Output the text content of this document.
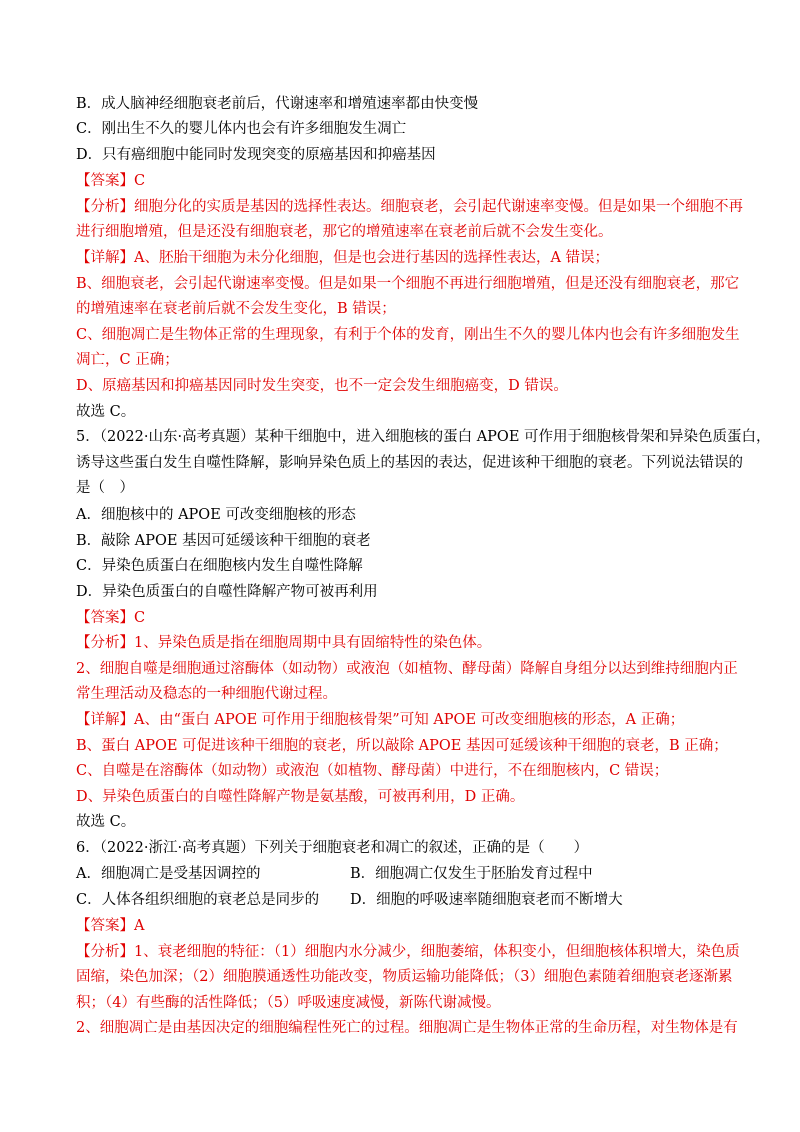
B．成人脑神经细胞衰老前后，代谢速率和增殖速率都由快变慢
C．刚出生不久的婴儿体内也会有许多细胞发生凋亡
D．只有癌细胞中能同时发现突变的原癌基因和抑癌基因
【答案】C
【分析】细胞分化的实质是基因的选择性表达。细胞衰老，会引起代谢速率变慢。但是如果一个细胞不再
进行细胞增殖，但是还没有细胞衰老，那它的增殖速率在衰老前后就不会发生变化。
【详解】A、胚胎干细胞为未分化细胞，但是也会进行基因的选择性表达，A 错误；
B、细胞衰老，会引起代谢速率变慢。但是如果一个细胞不再进行细胞增殖，但是还没有细胞衰老，那它
的增殖速率在衰老前后就不会发生变化，B 错误；
C、细胞凋亡是生物体正常的生理现象，有利于个体的发育，刚出生不久的婴儿体内也会有许多细胞发生
凋亡，C 正确；
D、原癌基因和抑癌基因同时发生突变，也不一定会发生细胞癌变，D 错误。
故选 C。
5．（2022·山东·高考真题）某种干细胞中，进入细胞核的蛋白 APOE 可作用于细胞核骨架和异染色质蛋白，
诱导这些蛋白发生自噬性降解，影响异染色质上的基因的表达，促进该种干细胞的衰老。下列说法错误的
是（　）
A．细胞核中的 APOE 可改变细胞核的形态
B．敲除 APOE 基因可延缓该种干细胞的衰老
C．异染色质蛋白在细胞核内发生自噬性降解
D．异染色质蛋白的自噬性降解产物可被再利用
【答案】C
【分析】1、异染色质是指在细胞周期中具有固缩特性的染色体。
2、细胞自噬是细胞通过溶酶体（如动物）或液泡（如植物、酵母菌）降解自身组分以达到维持细胞内正
常生理活动及稳态的一种细胞代谢过程。
【详解】A、由“蛋白 APOE 可作用于细胞核骨架”可知 APOE 可改变细胞核的形态，A 正确；
B、蛋白 APOE 可促进该种干细胞的衰老，所以敲除 APOE 基因可延缓该种干细胞的衰老，B 正确；
C、自噬是在溶酶体（如动物）或液泡（如植物、酵母菌）中进行，不在细胞核内，C 错误；
D、异染色质蛋白的自噬性降解产物是氨基酸，可被再利用，D 正确。
故选 C。
6．（2022·浙江·高考真题）下列关于细胞衰老和凋亡的叙述，正确的是（　　）
A．细胞凋亡是受基因调控的	B．细胞凋亡仅发生于胚胎发育过程中
C．人体各组织细胞的衰老总是同步的 D．细胞的呼吸速率随细胞衰老而不断增大
【答案】A
【分析】1、衰老细胞的特征：（1）细胞内水分减少，细胞萎缩，体积变小，但细胞核体积增大，染色质
固缩，染色加深；（2）细胞膜通透性功能改变，物质运输功能降低；（3）细胞色素随着细胞衰老逐渐累
积；（4）有些酶的活性降低；（5）呼吸速度减慢，新陈代谢减慢。
2、细胞凋亡是由基因决定的细胞编程性死亡的过程。细胞凋亡是生物体正常的生命历程，对生物体是有
